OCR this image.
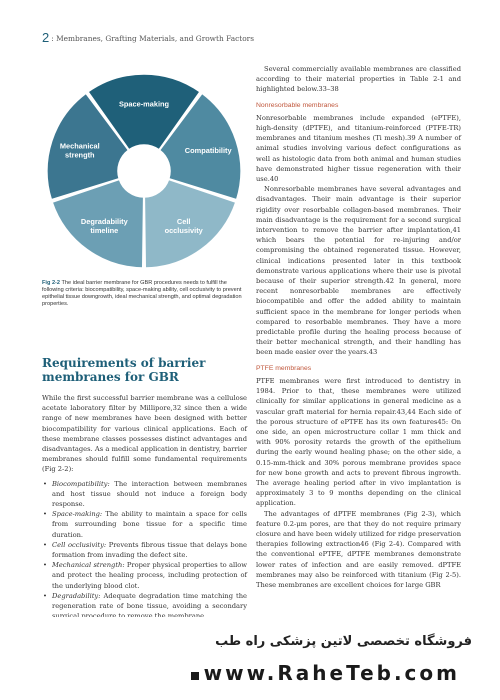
2 : Membranes, Grafting Materials, and Growth Factors
Space-making
Compatibility
Cell occlusivity
Degradability timeline
Mechanical strength
Fig 2-2 The ideal barrier membrane for GBR procedures needs to fulfill the following criteria: biocompatibility, space-making ability, cell occlusivity to prevent epithelial tissue downgrowth, ideal mechanical strength, and optimal degradation properties.
Requirements of barrier membranes for GBR

While the first successful barrier membrane was a cellulose acetate laboratory filter by Millipore,32 since then a wide range of new membranes have been designed with better biocompatibility for various clinical applications. Each of these membrane classes possesses distinct advantages and disadvantages. As a medical application in dentistry, barrier membranes should fulfill some fundamental requirements (Fig 2-2):

• Biocompatibility: The interaction between membranes and host tissue should not induce a foreign body response.
• Space-making: The ability to maintain a space for cells from surrounding bone tissue for a specific time duration.
• Cell occlusivity: Prevents fibrous tissue that delays bone formation from invading the defect site.
• Mechanical strength: Proper physical properties to allow and protect the healing process, including protection of the underlying blood clot.
• Degradability: Adequate degradation time matching the regeneration rate of bone tissue, avoiding a secondary

Several commercially available membranes are classified according to their material properties in Table 2-1 and highlighted below.33–38

Nonresorbable membranes

Nonresorbable membranes include expanded (ePTFE), high-density (dPTFE), and titanium-reinforced (PTFE-TR) membranes and titanium meshes (Ti mesh).39 A number of animal studies involving various defect configurations as well as histologic data from both animal and human studies have demonstrated higher tissue regeneration with their use.40

Nonresorbable membranes have several advantages and disadvantages. Their main advantage is their superior rigidity over resorbable collagen-based membranes. Their main disadvantage is the requirement for a second surgical intervention to remove the barrier after implantation,41 which bears the potential for re-injuring and/or compromising the obtained regenerated tissue. However, clinical indications presented later in this textbook demonstrate various applications where their use is pivotal because of their superior strength.42 In general, more recent nonresorbable membranes are effectively biocompatible and offer the added ability to maintain sufficient space in the membrane for longer periods when compared to resorbable membranes. They have a more predictable profile during the healing process because of their better mechanical strength, and their handling has been made easier over the years.43

PTFE membranes

PTFE membranes were first introduced to dentistry in 1984. Prior to that, these membranes were utilized clinically for similar applications in general medicine as a vascular graft material for hernia repair.43,44 Each side of the porous structure of ePTFE has its own features45: On one side, an open microstructure collar 1 mm thick and with 90% porosity retards the growth of the epithelium during the early wound healing phase; on the other side, a 0.15-mm-thick and 30% porous membrane provides space for new bone growth and acts to prevent fibrous ingrowth. The average healing period after in vivo implantation is approximately 3 to 9 months depending on the clinical application.

The advantages of dPTFE membranes (Fig 2-3), which feature 0.2-μm pores, are that they do not require primary closure and have been widely utilized for ridge preservation therapies following extraction46 (Fig 2-4). Compared with the conventional ePTFE, dPTFE membranes demonstrate lower rates of infection and are easily removed. dPTFE membranes may also be reinforced with titanium (Fig 2-5). These membranes are excellent choices for large GBR

فروشگاه تخصصی لاتین پزشکی راه طب
www.RaheTeb.com
